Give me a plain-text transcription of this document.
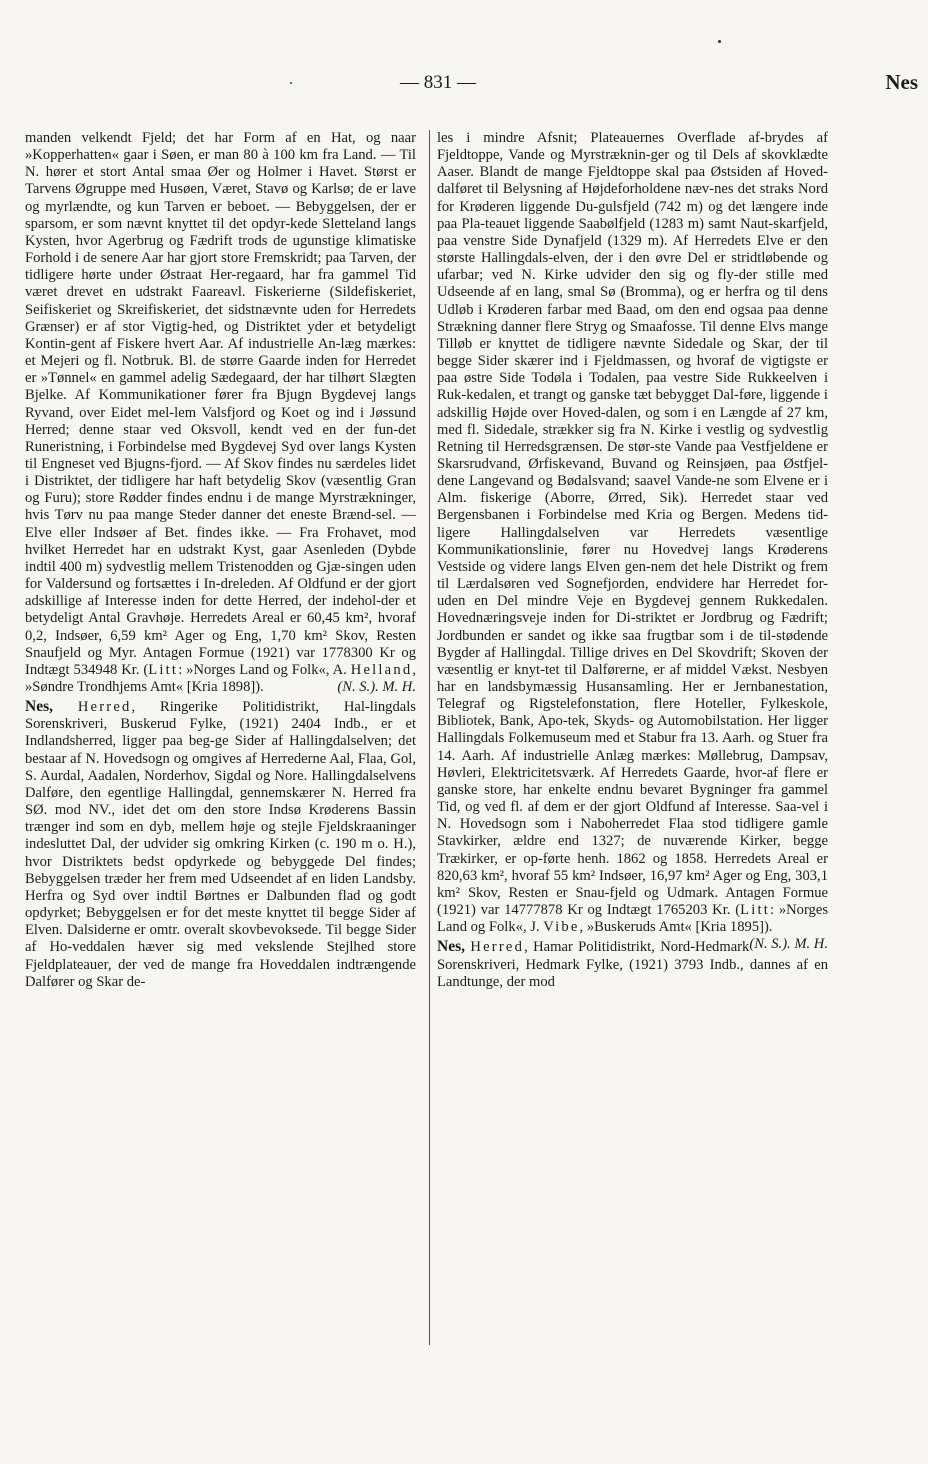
— 831 —	Nes

manden velkendt Fjeld; det har Form af en Hat, og naar »Kopperhatten« gaar i Søen, er man 80 à 100 km fra Land. — Til N. hører et stort Antal smaa Øer og Holmer i Havet. Størst er Tarvens Øgruppe med Husøen, Været, Stavø og Karlsø; de er lave og myrlændte, og kun Tarven er beboet. — Bebyggelsen, der er sparsom, er som nævnt knyttet til det opdyr-kede Sletteland langs Kysten, hvor Agerbrug og Fædrift trods de ugunstige klimatiske Forhold i de senere Aar har gjort store Fremskridt; paa Tarven, der tidligere hørte under Østraat Her-regaard, har fra gammel Tid været drevet en udstrakt Faareavl. Fiskerierne (Sildefiskeriet, Seifiskeriet og Skreifiskeriet, det sidstnævnte uden for Herredets Grænser) er af stor Vigtig-hed, og Distriktet yder et betydeligt Kontin-gent af Fiskere hvert Aar. Af industrielle An-læg mærkes: et Mejeri og fl. Notbruk. Bl. de større Gaarde inden for Herredet er »Tønnel« en gammel adelig Sædegaard, der har tilhørt Slægten Bjelke. Af Kommunikationer fører fra Bjugn Bygdevej langs Ryvand, over Eidet mel-lem Valsfjord og Koet og ind i Jøssund Herred; denne staar ved Oksvoll, kendt ved en der fun-det Runeristning, i Forbindelse med Bygdevej Syd over langs Kysten til Engneset ved Bjugns-fjord. — Af Skov findes nu særdeles lidet i Distriktet, der tidligere har haft betydelig Skov (væsentlig Gran og Furu); store Rødder findes endnu i de mange Myrstrækninger, hvis Tørv nu paa mange Steder danner det eneste Brænd-sel. — Elve eller Indsøer af Bet. findes ikke. — Fra Frohavet, mod hvilket Herredet har en udstrakt Kyst, gaar Asenleden (Dybde indtil 400 m) sydvestlig mellem Tristenodden og Gjæ-singen uden for Valdersund og fortsættes i In-dreleden. Af Oldfund er der gjort adskillige af Interesse inden for dette Herred, der indehol-der et betydeligt Antal Gravhøje. Herredets Areal er 60,45 km², hvoraf 0,2, Indsøer, 6,59 km² Ager og Eng, 1,70 km² Skov, Resten Snaufjeld og Myr. Antagen Formue (1921) var 1778300 Kr og Indtægt 534948 Kr. (Litt: »Norges Land og Folk«, A. Helland, »Søndre Trondhjems Amt« [Kria 1898]).	(N. S.). M. H.

Nes, Herred, Ringerike Politidistrikt, Hal-lingdals Sorenskriveri, Buskerud Fylke, (1921) 2404 Indb., er et Indlandsherred, ligger paa beg-ge Sider af Hallingdalselven; det bestaar af N. Hovedsogn og omgives af Herrederne Aal, Flaa, Gol, S. Aurdal, Aadalen, Norderhov, Sigdal og Nore. Hallingdalselvens Dalføre, den egentlige Hallingdal, gennemskærer N. Herred fra SØ. mod NV., idet det om den store Indsø Krøderens Bassin trænger ind som en dyb, mellem høje og stejle Fjeldskraaninger indesluttet Dal, der udvider sig omkring Kirken (c. 190 m o. H.), hvor Distriktets bedst opdyrkede og bebyggede Del findes; Bebyggelsen træder her frem med Udseendet af en liden Landsby. Herfra og Syd over indtil Børtnes er Dalbunden flad og godt opdyrket; Bebyggelsen er for det meste knyttet til begge Sider af Elven. Dalsiderne er omtr. overalt skovbevoksede. Til begge Sider af Ho-veddalen hæver sig med vekslende Stejlhed store Fjeldplateauer, der ved de mange fra Hoveddalen indtrængende Dalfører og Skar de-

les i mindre Afsnit; Plateauernes Overflade af-brydes af Fjeldtoppe, Vande og Myrstræknin-ger og til Dels af skovklædte Aaser. Blandt de mange Fjeldtoppe skal paa Østsiden af Hoved-dalføret til Belysning af Højdeforholdene næv-nes det straks Nord for Krøderen liggende Du-gulsfjeld (742 m) og det længere inde paa Pla-teauet liggende Saabølfjeld (1283 m) samt Naut-skarfjeld, paa venstre Side Dynafjeld (1329 m). Af Herredets Elve er den største Hallingdals-elven, der i den øvre Del er stridtløbende og ufarbar; ved N. Kirke udvider den sig og fly-der stille med Udseende af en lang, smal Sø (Bromma), og er herfra og til dens Udløb i Krøderen farbar med Baad, om den end ogsaa paa denne Strækning danner flere Stryg og Smaafosse. Til denne Elvs mange Tilløb er knyttet de tidligere nævnte Sidedale og Skar, der til begge Sider skærer ind i Fjeldmassen, og hvoraf de vigtigste er paa østre Side Todøla i Todalen, paa vestre Side Rukkeelven i Ruk-kedalen, et trangt og ganske tæt bebygget Dal-føre, liggende i adskillig Højde over Hoved-dalen, og som i en Længde af 27 km, med fl. Sidedale, strækker sig fra N. Kirke i vestlig og sydvestlig Retning til Herredsgrænsen. De stør-ste Vande paa Vestfjeldene er Skarsrudvand, Ørfiskevand, Buvand og Reinsjøen, paa Østfjel-dene Langevand og Bødalsvand; saavel Vande-ne som Elvene er i Alm. fiskerige (Aborre, Ørred, Sik). Herredet staar ved Bergensbanen i Forbindelse med Kria og Bergen. Medens tid-ligere Hallingdalselven var Herredets væsentlige Kommunikationslinie, fører nu Hovedvej langs Krøderens Vestside og videre langs Elven gen-nem det hele Distrikt og frem til Lærdalsøren ved Sognefjorden, endvidere har Herredet for-uden en Del mindre Veje en Bygdevej gennem Rukkedalen. Hovednæringsveje inden for Di-striktet er Jordbrug og Fædrift; Jordbunden er sandet og ikke saa frugtbar som i de til-stødende Bygder af Hallingdal. Tillige drives en Del Skovdrift; Skoven der væsentlig er knyt-tet til Dalførerne, er af middel Vækst. Nesbyen har en landsbymæssig Husansamling. Her er Jernbanestation, Telegraf og Rigstelefonstation, flere Hoteller, Fylkeskole, Bibliotek, Bank, Apo-tek, Skyds- og Automobilstation. Her ligger Hallingdals Folkemuseum med et Stabur fra 13. Aarh. og Stuer fra 14. Aarh. Af industrielle Anlæg mærkes: Møllebrug, Dampsav, Høvleri, Elektricitetsværk. Af Herredets Gaarde, hvor-af flere er ganske store, har enkelte endnu bevaret Bygninger fra gammel Tid, og ved fl. af dem er der gjort Oldfund af Interesse. Saa-vel i N. Hovedsogn som i Naboherredet Flaa stod tidligere gamle Stavkirker, ældre end 1327; de nuværende Kirker, begge Trækirker, er op-førte henh. 1862 og 1858. Herredets Areal er 820,63 km², hvoraf 55 km² Indsøer, 16,97 km² Ager og Eng, 303,1 km² Skov, Resten er Snau-fjeld og Udmark. Antagen Formue (1921) var 14777878 Kr og Indtægt 1765203 Kr. (Litt: »Norges Land og Folk«, J. Vibe, »Buskeruds Amt« [Kria 1895]).
(N. S.). M. H.

Nes, Herred, Hamar Politidistrikt, Nord-Hedmark Sorenskriveri, Hedmark Fylke, (1921) 3793 Indb., dannes af en Landtunge, der mod
